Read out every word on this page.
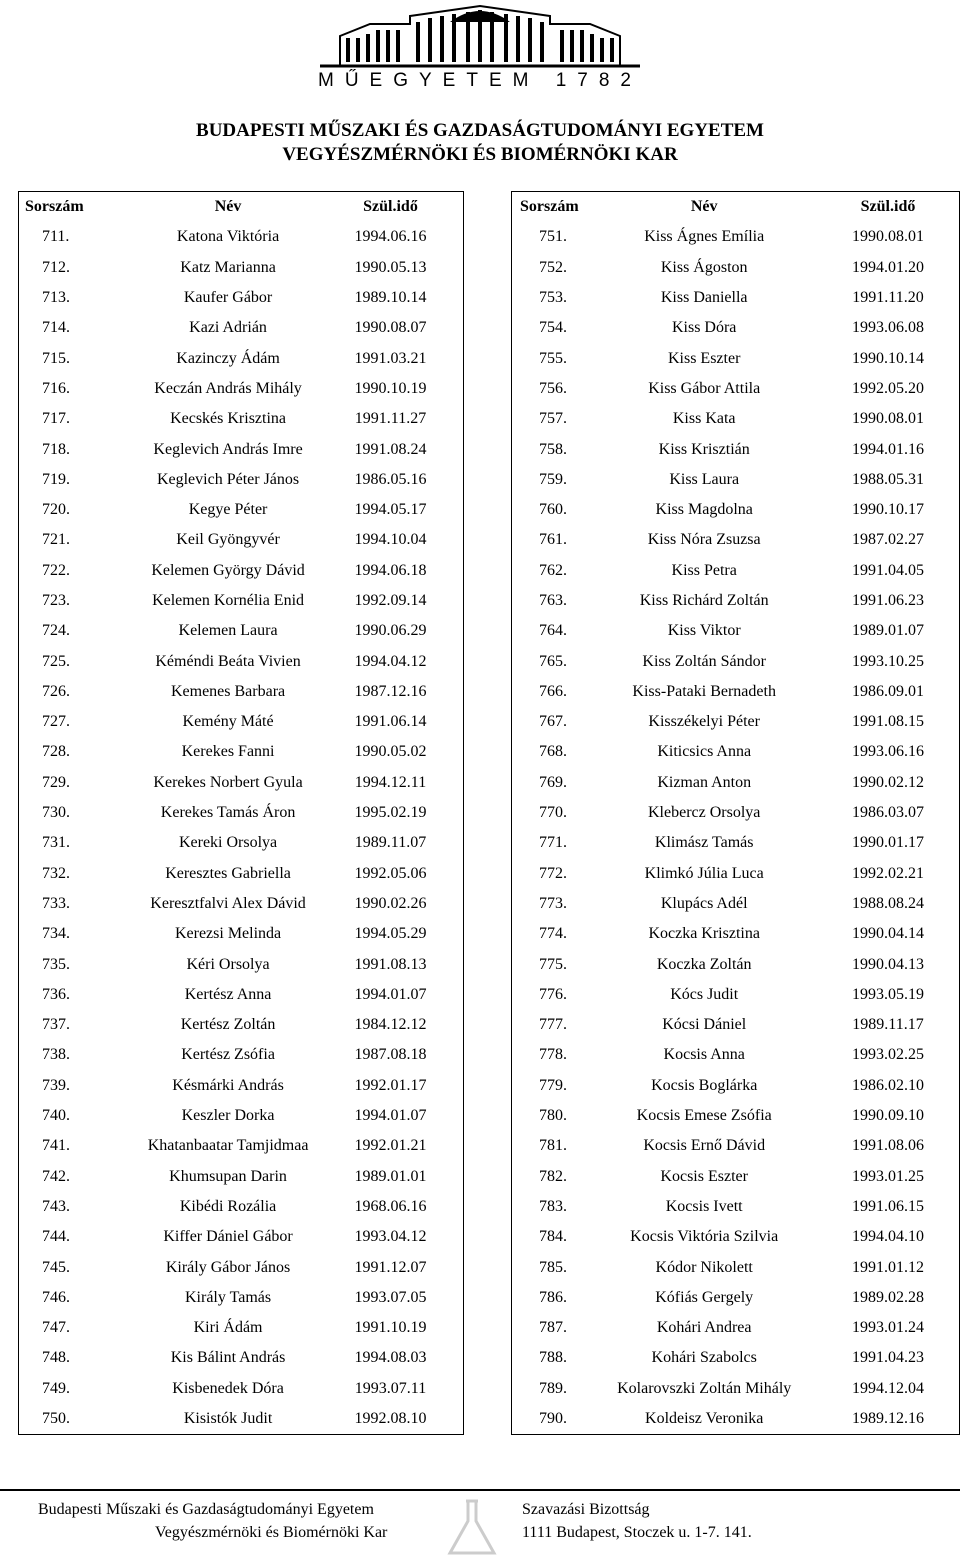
MŰEGYETEM 1782
BUDAPESTI MŰSZAKI ÉS GAZDASÁGTUDOMÁNYI EGYETEM
VEGYÉSZMÉRNÖKI ÉS BIOMÉRNÖKI KAR
Sorszám	Név	Szül.idő
711.	Katona Viktória	1994.06.16
712.	Katz Marianna	1990.05.13
713.	Kaufer Gábor	1989.10.14
714.	Kazi Adrián	1990.08.07
715.	Kazinczy Ádám	1991.03.21
716.	Keczán András Mihály	1990.10.19
717.	Kecskés Krisztina	1991.11.27
718.	Keglevich András Imre	1991.08.24
719.	Keglevich Péter János	1986.05.16
720.	Kegye Péter	1994.05.17
721.	Keil Gyöngyvér	1994.10.04
722.	Kelemen György Dávid	1994.06.18
723.	Kelemen Kornélia Enid	1992.09.14
724.	Kelemen Laura	1990.06.29
725.	Kéméndi Beáta Vivien	1994.04.12
726.	Kemenes Barbara	1987.12.16
727.	Kemény Máté	1991.06.14
728.	Kerekes Fanni	1990.05.02
729.	Kerekes Norbert Gyula	1994.12.11
730.	Kerekes Tamás Áron	1995.02.19
731.	Kereki Orsolya	1989.11.07
732.	Keresztes Gabriella	1992.05.06
733.	Keresztfalvi Alex Dávid	1990.02.26
734.	Kerezsi Melinda	1994.05.29
735.	Kéri Orsolya	1991.08.13
736.	Kertész Anna	1994.01.07
737.	Kertész Zoltán	1984.12.12
738.	Kertész Zsófia	1987.08.18
739.	Késmárki András	1992.01.17
740.	Keszler Dorka	1994.01.07
741.	Khatanbaatar Tamjidmaa	1992.01.21
742.	Khumsupan Darin	1989.01.01
743.	Kibédi Rozália	1968.06.16
744.	Kiffer Dániel Gábor	1993.04.12
745.	Király Gábor János	1991.12.07
746.	Király Tamás	1993.07.05
747.	Kiri Ádám	1991.10.19
748.	Kis Bálint András	1994.08.03
749.	Kisbenedek Dóra	1993.07.11
750.	Kisistók Judit	1992.08.10
Sorszám	Név	Szül.idő
751.	Kiss Ágnes Emília	1990.08.01
752.	Kiss Ágoston	1994.01.20
753.	Kiss Daniella	1991.11.20
754.	Kiss Dóra	1993.06.08
755.	Kiss Eszter	1990.10.14
756.	Kiss Gábor Attila	1992.05.20
757.	Kiss Kata	1990.08.01
758.	Kiss Krisztián	1994.01.16
759.	Kiss Laura	1988.05.31
760.	Kiss Magdolna	1990.10.17
761.	Kiss Nóra Zsuzsa	1987.02.27
762.	Kiss Petra	1991.04.05
763.	Kiss Richárd Zoltán	1991.06.23
764.	Kiss Viktor	1989.01.07
765.	Kiss Zoltán Sándor	1993.10.25
766.	Kiss-Pataki Bernadeth	1986.09.01
767.	Kisszékelyi Péter	1991.08.15
768.	Kiticsics Anna	1993.06.16
769.	Kizman Anton	1990.02.12
770.	Klebercz Orsolya	1986.03.07
771.	Klimász Tamás	1990.01.17
772.	Klimkó Júlia Luca	1992.02.21
773.	Klupács Adél	1988.08.24
774.	Koczka Krisztina	1990.04.14
775.	Koczka Zoltán	1990.04.13
776.	Kócs Judit	1993.05.19
777.	Kócsi Dániel	1989.11.17
778.	Kocsis Anna	1993.02.25
779.	Kocsis Boglárka	1986.02.10
780.	Kocsis Emese Zsófia	1990.09.10
781.	Kocsis Ernő Dávid	1991.08.06
782.	Kocsis Eszter	1993.01.25
783.	Kocsis Ivett	1991.06.15
784.	Kocsis Viktória Szilvia	1994.04.10
785.	Kódor Nikolett	1991.01.12
786.	Kófiás Gergely	1989.02.28
787.	Kohári Andrea	1993.01.24
788.	Kohári Szabolcs	1991.04.23
789.	Kolarovszki Zoltán Mihály	1994.12.04
790.	Koldeisz Veronika	1989.12.16
Budapesti Műszaki és Gazdaságtudományi Egyetem
Vegyészmérnöki és Biomérnöki Kar
Szavazási Bizottság
1111 Budapest, Stoczek u. 1-7. 141.
